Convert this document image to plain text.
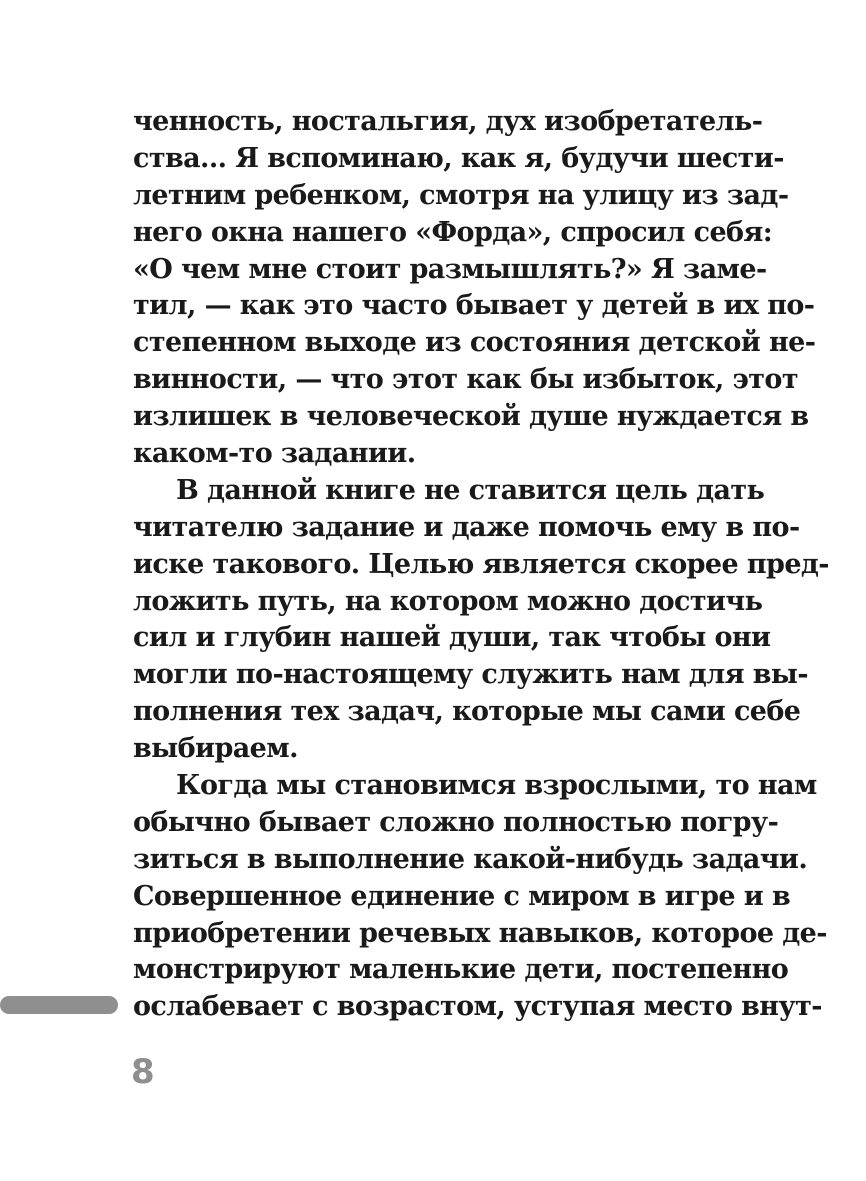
ченность, ностальгия, дух изобретатель-
ства... Я вспоминаю, как я, будучи шести-
летним ребенком, смотря на улицу из зад-
него окна нашего «Форда», спросил себя:
«О чем мне стоит размышлять?» Я заме-
тил, — как это часто бывает у детей в их по-
степенном выходе из состояния детской не-
винности, — что этот как бы избыток, этот
излишек в человеческой душе нуждается в
каком-то задании.
В данной книге не ставится цель дать
читателю задание и даже помочь ему в по-
иске такового. Целью является скорее пред-
ложить путь, на котором можно достичь
сил и глубин нашей души, так чтобы они
могли по-настоящему служить нам для вы-
полнения тех задач, которые мы сами себе
выбираем.
Когда мы становимся взрослыми, то нам
обычно бывает сложно полностью погру-
зиться в выполнение какой-нибудь задачи.
Совершенное единение с миром в игре и в
приобретении речевых навыков, которое де-
монстрируют маленькие дети, постепенно
ослабевает с возрастом, уступая место внут-
8
